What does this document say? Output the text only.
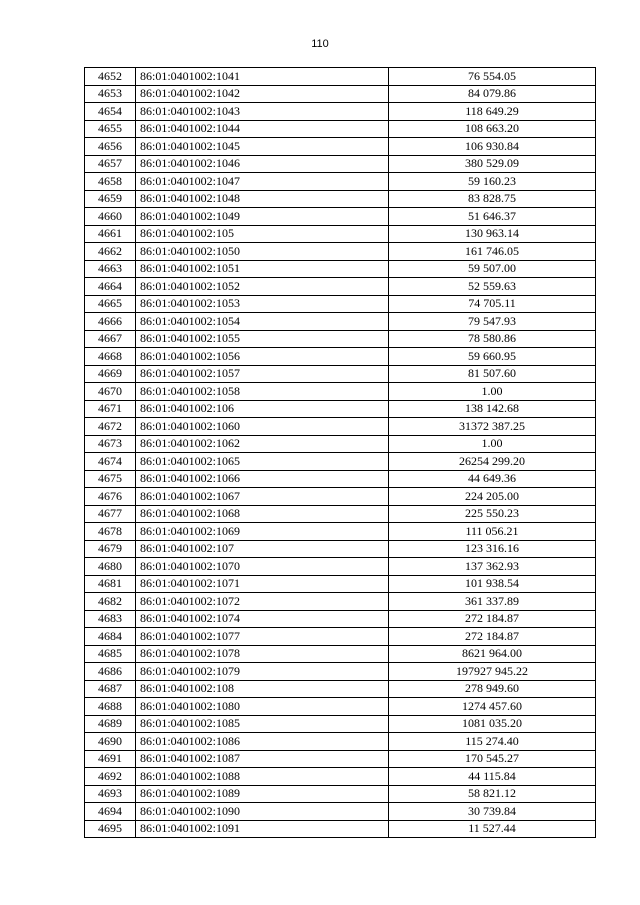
110
4652	86:01:0401002:1041	76 554.05
4653	86:01:0401002:1042	84 079.86
4654	86:01:0401002:1043	118 649.29
4655	86:01:0401002:1044	108 663.20
4656	86:01:0401002:1045	106 930.84
4657	86:01:0401002:1046	380 529.09
4658	86:01:0401002:1047	59 160.23
4659	86:01:0401002:1048	83 828.75
4660	86:01:0401002:1049	51 646.37
4661	86:01:0401002:105	130 963.14
4662	86:01:0401002:1050	161 746.05
4663	86:01:0401002:1051	59 507.00
4664	86:01:0401002:1052	52 559.63
4665	86:01:0401002:1053	74 705.11
4666	86:01:0401002:1054	79 547.93
4667	86:01:0401002:1055	78 580.86
4668	86:01:0401002:1056	59 660.95
4669	86:01:0401002:1057	81 507.60
4670	86:01:0401002:1058	1.00
4671	86:01:0401002:106	138 142.68
4672	86:01:0401002:1060	31372 387.25
4673	86:01:0401002:1062	1.00
4674	86:01:0401002:1065	26254 299.20
4675	86:01:0401002:1066	44 649.36
4676	86:01:0401002:1067	224 205.00
4677	86:01:0401002:1068	225 550.23
4678	86:01:0401002:1069	111 056.21
4679	86:01:0401002:107	123 316.16
4680	86:01:0401002:1070	137 362.93
4681	86:01:0401002:1071	101 938.54
4682	86:01:0401002:1072	361 337.89
4683	86:01:0401002:1074	272 184.87
4684	86:01:0401002:1077	272 184.87
4685	86:01:0401002:1078	8621 964.00
4686	86:01:0401002:1079	197927 945.22
4687	86:01:0401002:108	278 949.60
4688	86:01:0401002:1080	1274 457.60
4689	86:01:0401002:1085	1081 035.20
4690	86:01:0401002:1086	115 274.40
4691	86:01:0401002:1087	170 545.27
4692	86:01:0401002:1088	44 115.84
4693	86:01:0401002:1089	58 821.12
4694	86:01:0401002:1090	30 739.84
4695	86:01:0401002:1091	11 527.44
